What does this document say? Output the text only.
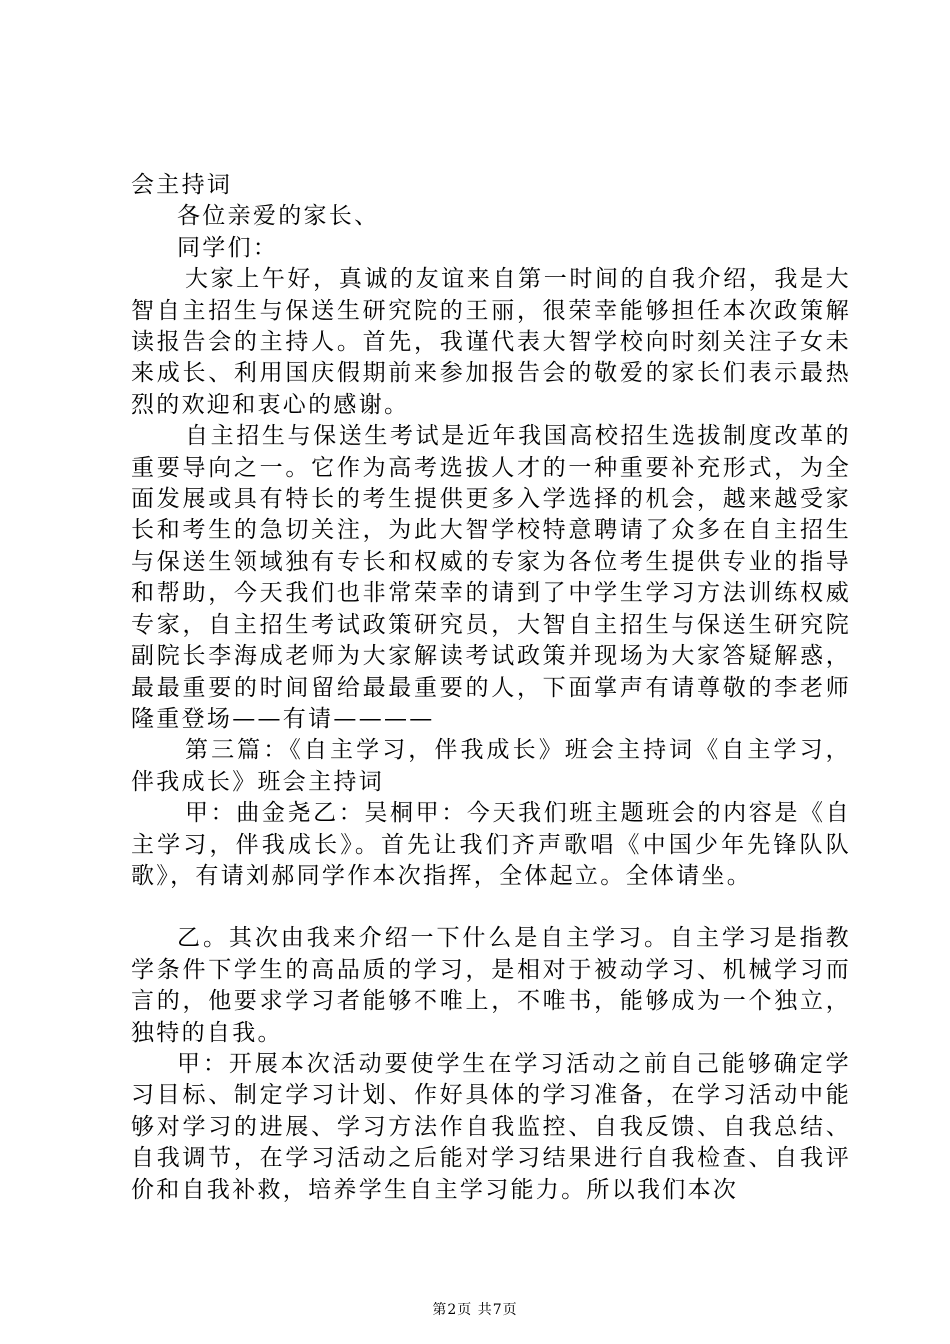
会主持词

各位亲爱的家长、

同学们：

大家上午好，真诚的友谊来自第一时间的自我介绍，我是大智自主招生与保送生研究院的王丽，很荣幸能够担任本次政策解读报告会的主持人。首先，我谨代表大智学校向时刻关注子女未来成长、利用国庆假期前来参加报告会的敬爱的家长们表示最热烈的欢迎和衷心的感谢。

自主招生与保送生考试是近年我国高校招生选拔制度改革的重要导向之一。它作为高考选拔人才的一种重要补充形式，为全面发展或具有特长的考生提供更多入学选择的机会，越来越受家长和考生的急切关注，为此大智学校特意聘请了众多在自主招生与保送生领域独有专长和权威的专家为各位考生提供专业的指导和帮助，今天我们也非常荣幸的请到了中学生学习方法训练权威专家，自主招生考试政策研究员，大智自主招生与保送生研究院副院长李海成老师为大家解读考试政策并现场为大家答疑解惑，最最重要的时间留给最最重要的人，下面掌声有请尊敬的李老师隆重登场——有请————

第三篇：《自主学习，伴我成长》班会主持词《自主学习，伴我成长》班会主持词

甲：曲金尧乙：吴桐甲：今天我们班主题班会的内容是《自主学习，伴我成长》。首先让我们齐声歌唱《中国少年先锋队队歌》，有请刘郝同学作本次指挥，全体起立。全体请坐。

乙。其次由我来介绍一下什么是自主学习。自主学习是指教学条件下学生的高品质的学习，是相对于被动学习、机械学习而言的，他要求学习者能够不唯上，不唯书，能够成为一个独立，独特的自我。

甲：开展本次活动要使学生在学习活动之前自己能够确定学习目标、制定学习计划、作好具体的学习准备，在学习活动中能够对学习的进展、学习方法作自我监控、自我反馈、自我总结、自我调节，在学习活动之后能对学习结果进行自我检查、自我评价和自我补救，培养学生自主学习能力。所以我们本次

第2页 共7页
